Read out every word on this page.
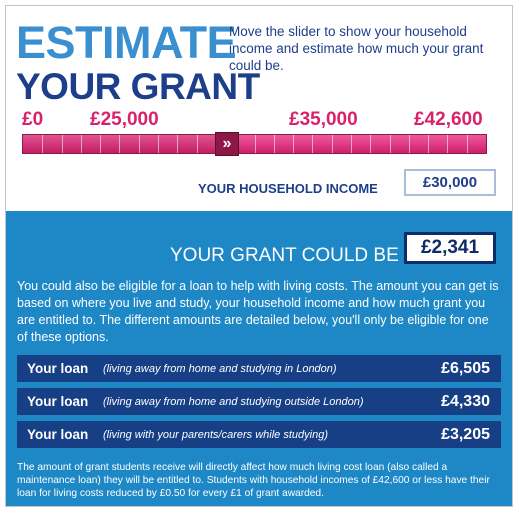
ESTIMATE
YOUR GRANT
Move the slider to show your household income and estimate how much your grant could be.
£0 £25,000	£35,000	£42,600
»
YOUR HOUSEHOLD INCOME	£30,000
YOUR GRANT COULD BE	£2,341
You could also be eligible for a loan to help with living costs. The amount you can get is based on where you live and study, your household income and how much grant you are entitled to. The different amounts are detailed below, you'll only be eligible for one of these options.
Your loan (living away from home and studying in London)	£6,505
Your loan (living away from home and studying outside London)	£4,330
Your loan (living with your parents/carers while studying)	£3,205
The amount of grant students receive will directly affect how much living cost loan (also called a maintenance loan) they will be entitled to. Students with household incomes of £42,600 or less have their loan for living costs reduced by £0.50 for every £1 of grant awarded.
